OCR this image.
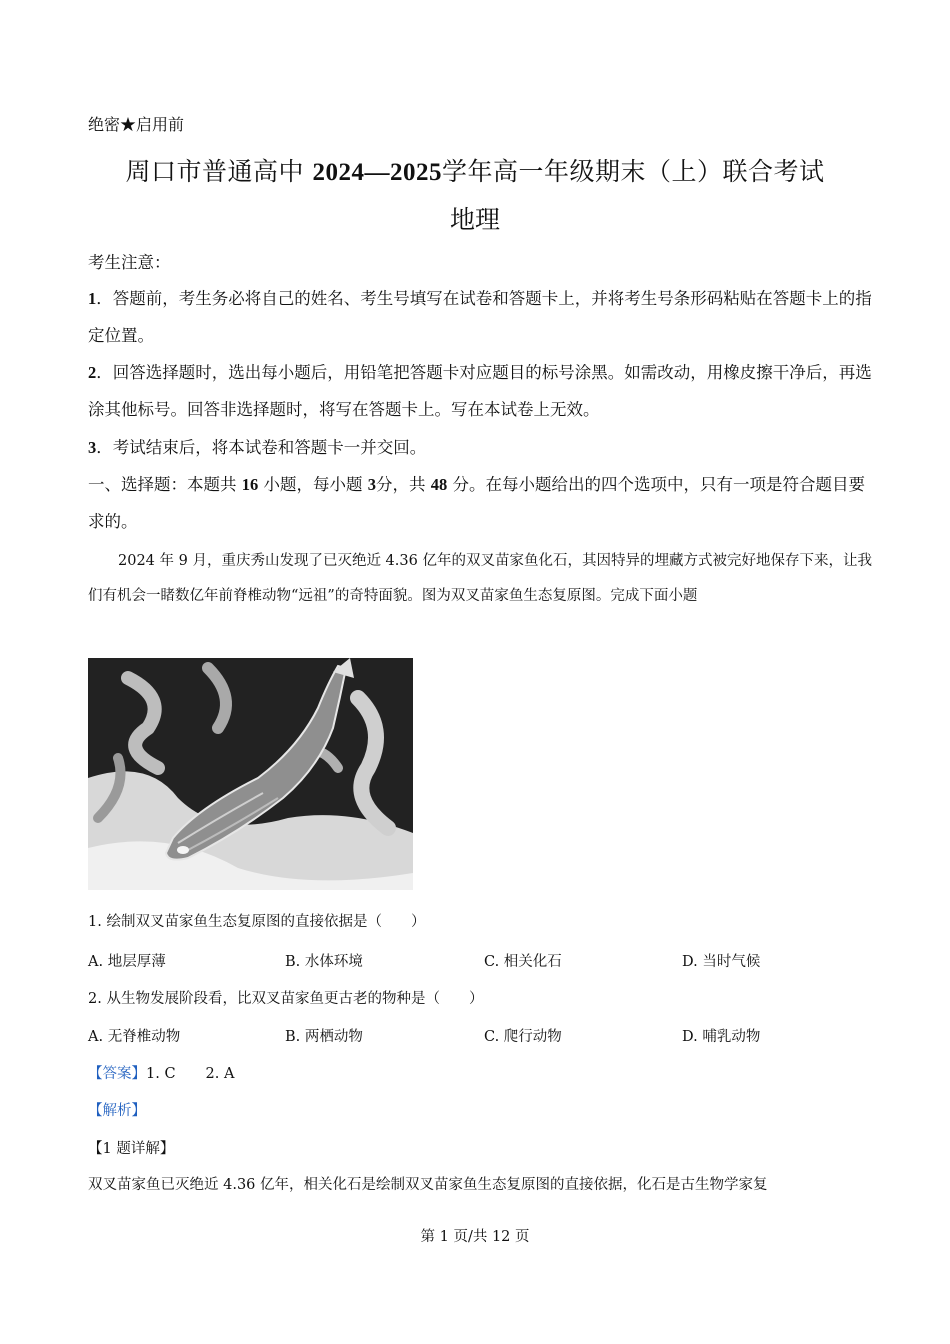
绝密★启用前
周口市普通高中 2024—2025学年高一年级期末（上）联合考试
地理
考生注意：
1．答题前，考生务必将自己的姓名、考生号填写在试卷和答题卡上，并将考生号条形码粘贴在答题卡上的指定位置。
2．回答选择题时，选出每小题后，用铅笔把答题卡对应题目的标号涂黑。如需改动，用橡皮擦干净后，再选涂其他标号。回答非选择题时，将写在答题卡上。写在本试卷上无效。
3．考试结束后，将本试卷和答题卡一并交回。
一、选择题：本题共 16 小题，每小题 3分，共 48 分。在每小题给出的四个选项中，只有一项是符合题目要求的。
2024 年 9 月，重庆秀山发现了已灭绝近 4.36 亿年的双叉苗家鱼化石，其因特异的埋藏方式被完好地保存下来，让我们有机会一睹数亿年前脊椎动物“远祖”的奇特面貌。图为双叉苗家鱼生态复原图。完成下面小题
1. 绘制双叉苗家鱼生态复原图的直接依据是（　　）
A. 地层厚薄	B. 水体环境	C. 相关化石	D. 当时气候
2. 从生物发展阶段看，比双叉苗家鱼更古老的物种是（　　）
A. 无脊椎动物	B. 两栖动物	C. 爬行动物	D. 哺乳动物
【答案】1. C 2. A
【解析】
【1 题详解】
双叉苗家鱼已灭绝近 4.36 亿年，相关化石是绘制双叉苗家鱼生态复原图的直接依据，化石是古生物学家复
第 1 页/共 12 页
